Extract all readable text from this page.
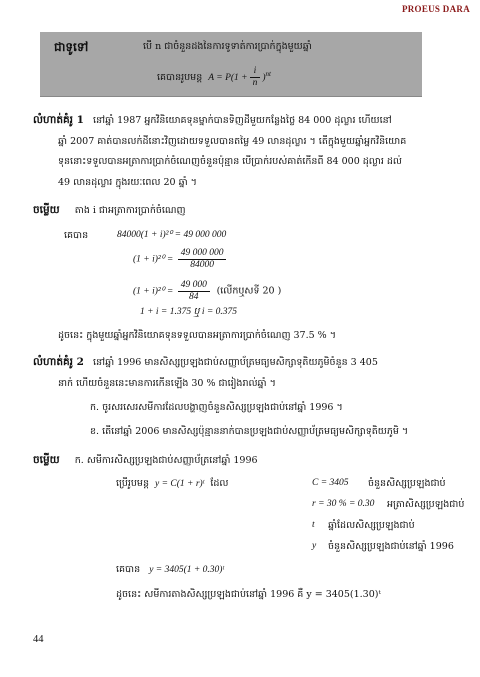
PROEUS DARA
ជាទូទៅ	បើ n ជាចំនួនដងនៃការទូទាត់ការប្រាក់ក្នុងមួយឆ្នាំ
គេបានរូបមន្ត $A = P(1 + \frac{i}{n} )^{nt}$
លំហាត់គំរូ 1 នៅឆ្នាំ 1987 អ្នកវិនិយោគទុនម្នាក់បានទិញដីមួយកន្លែងថ្លៃ 84 000 ដុល្លារ ហើយនៅ
ឆ្នាំ 2007 គាត់បានលក់ដីនោះវិញដោយទទួលបានតម្លៃ 49 លានដុល្លារ ។ តើក្នុងមួយឆ្នាំអ្នកវិនិយោគ
ទុននោះទទួលបានអត្រាការប្រាក់ចំណេញចំនួនប៉ុន្មាន បើប្រាក់របស់គាត់កើនពី 84 000 ដុល្លារ ដល់
49 លានដុល្លារ ក្នុងរយៈពេល 20 ឆ្នាំ ។
ចម្លើយ តាង i ជាអត្រាការប្រាក់ចំណេញ
គេបាន	84000(1 + i)²⁰ = 49 000 000
$(1 + i)^{20} = \frac{49 000 000}{84000}$
$(1 + i)^{20} = \frac{49 000}{84}$ (លើកឬសទី 20 )
1 + i = 1.375 ឬ i = 0.375
ដូចនេះ ក្នុងមួយឆ្នាំអ្នកវិនិយោគទុនទទួលបានអត្រាការប្រាក់ចំណេញ 37.5 % ។
លំហាត់គំរូ 2 នៅឆ្នាំ 1996 មានសិស្សប្រឡងជាប់សញ្ញាប័ត្រមធ្យមសិក្សាទុតិយភូមិចំនួន 3 405
នាក់ ហើយចំនួននេះមានការកើនឡើង 30 % ជារៀងរាល់ឆ្នាំ ។
ក. ចូរសរសេរសមីការដែលបង្ហាញចំនួនសិស្សប្រឡងជាប់នៅឆ្នាំ 1996 ។
ខ. តើនៅឆ្នាំ 2006 មានសិស្សប៉ុន្មាននាក់បានប្រឡងជាប់សញ្ញាប័ត្រមធ្យមសិក្សាទុតិយភូមិ ។
ចម្លើយ ក. សមីការសិស្សប្រឡងជាប់សញ្ញាប័ត្រនៅឆ្នាំ 1996
ប្រើរូបមន្ត y = C(1 + r)ᵗ ដែល	C = 3405 ចំនួនសិស្សប្រឡងជាប់
r = 30 % = 0.30 អត្រាសិស្សប្រឡងជាប់
t ឆ្នាំដែលសិស្សប្រឡងជាប់
y ចំនួនសិស្សប្រឡងជាប់នៅឆ្នាំ 1996
គេបាន y = 3405(1 + 0.30)ᵗ
ដូចនេះ សមីការតាងសិស្សប្រឡងជាប់នៅឆ្នាំ 1996 គឺ y = 3405(1.30)ᵗ
44
